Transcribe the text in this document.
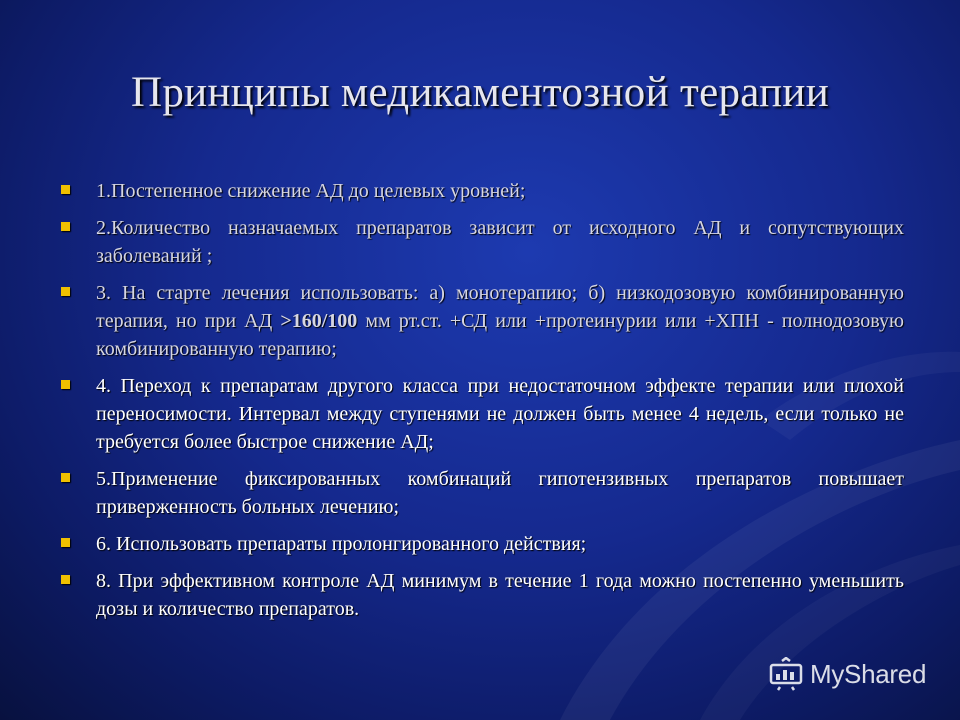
Принципы медикаментозной терапии
1.Постепенное снижение АД до целевых уровней;
2.Количество назначаемых препаратов зависит от исходного АД и сопутствующих заболеваний ;
3. На старте лечения использовать: а) монотерапию; б) низкодозовую комбинированную терапия, но при АД >160/100 мм рт.ст. +СД или +протеинурии или +ХПН - полнодозовую комбинированную терапию;
4. Переход к препаратам другого класса при недостаточном эффекте терапии или плохой переносимости. Интервал между ступенями не должен быть менее 4 недель, если только не требуется более быстрое снижение АД;
5.Применение фиксированных комбинаций гипотензивных препаратов повышает приверженность больных лечению;
6. Использовать препараты пролонгированного действия;
8. При эффективном контроле АД минимум в течение 1 года можно постепенно уменьшить дозы и количество препаратов.
MyShared
